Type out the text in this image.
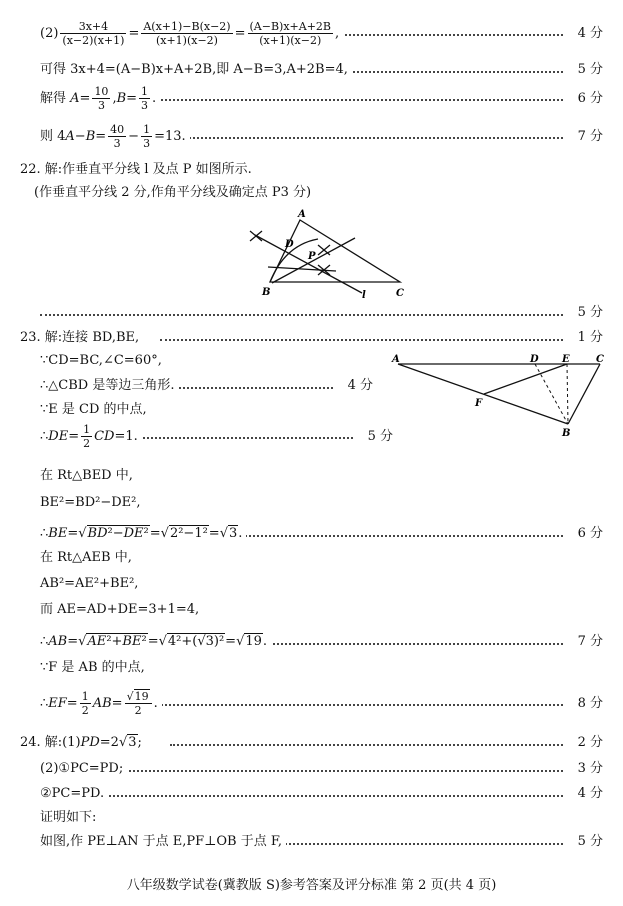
$(2) \frac{3x+4}{(x-2)(x+1)} = \frac{A(x+1)-B(x-2)}{(x+1)(x-2)} = \frac{(A-B)x+A+2B}{(x+1)(x-2)}$ ,	4 分
可得 3x+4=(A−B)x+A+2B,即 A−B=3,A+2B=4,	5 分
解得 $A= \frac{10}{3} ,B= \frac{1}{3}$ .	6 分
则 $4A-B= \frac{40}{3} - \frac{1}{3} =13$.	7 分
22. 解:作垂直平分线 l 及点 P 如图所示.
(作垂直平分线 2 分,作角平分线及确定点 P3 分)
A
B	C
D
P
l
5 分
23. 解:连接 BD,BE,	1 分
A	D E	C
F
B
∵CD=BC,∠C=60°,
∴△CBD 是等边三角形.	4 分
∵E 是 CD 的中点,
∴DE= $\frac{1}{2} CD=1$.	5 分
在 Rt△BED 中,
BE²=BD²−DE²,
∴BE=√BD²−DE²=√2²−1²=√3.	6 分
在 Rt△AEB 中,
AB²=AE²+BE²,
而 AE=AD+DE=3+1=4,
∴AB=√AE²+BE²=√4²+(√3)²=√19.	7 分
∵F 是 AB 的中点,
∴EF= $\frac{1}{2} AB= \frac{√19}{2}$ .	8 分
24. 解:(1)PD=2√3;	2 分
(2)①PC=PD;	3 分
②PC=PD.	4 分
证明如下:
如图,作 PE⊥AN 于点 E,PF⊥OB 于点 F,	5 分
八年级数学试卷(冀教版 S)参考答案及评分标准 第 2 页(共 4 页)
